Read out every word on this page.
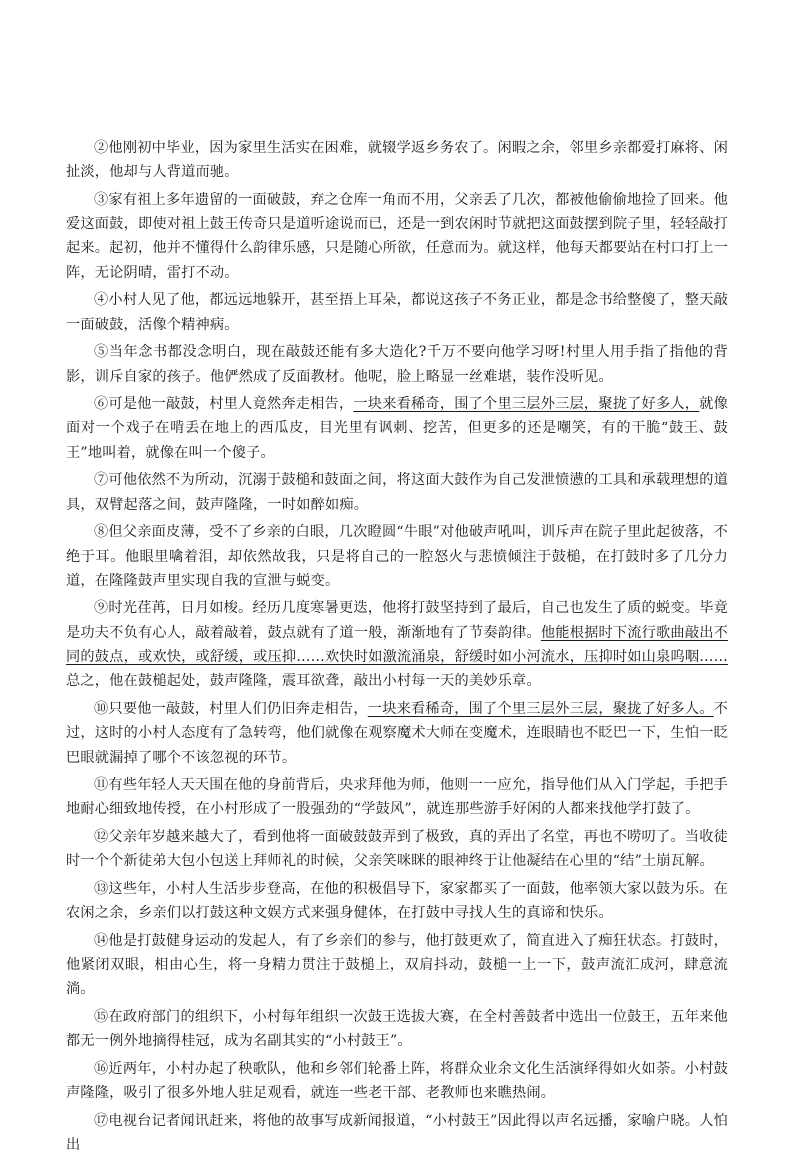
②他刚初中毕业，因为家里生活实在困难，就辍学返乡务农了。闲暇之余，邻里乡亲都爱打麻将、闲扯淡，他却与人背道而驰。

③家有祖上多年遗留的一面破鼓，弃之仓库一角而不用，父亲丢了几次，都被他偷偷地捡了回来。他爱这面鼓，即使对祖上鼓王传奇只是道听途说而已，还是一到农闲时节就把这面鼓摆到院子里，轻轻敲打起来。起初，他并不懂得什么韵律乐感，只是随心所欲，任意而为。就这样，他每天都要站在村口打上一阵，无论阴晴，雷打不动。

④小村人见了他，都远远地躲开，甚至捂上耳朵，都说这孩子不务正业，都是念书给整傻了，整天敲一面破鼓，活像个精神病。

⑤当年念书都没念明白，现在敲鼓还能有多大造化?千万不要向他学习呀!村里人用手指了指他的背影，训斥自家的孩子。他俨然成了反面教材。他呢，脸上略显一丝难堪，装作没听见。

⑥可是他一敲鼓，村里人竟然奔走相告，一块来看稀奇，围了个里三层外三层，聚拢了好多人，就像面对一个戏子在啃丢在地上的西瓜皮，目光里有讽刺、挖苦，但更多的还是嘲笑，有的干脆“鼓王、鼓王”地叫着，就像在叫一个傻子。

⑦可他依然不为所动，沉溺于鼓槌和鼓面之间，将这面大鼓作为自己发泄愤懑的工具和承载理想的道具，双臂起落之间，鼓声隆隆，一时如醉如痴。

⑧但父亲面皮薄，受不了乡亲的白眼，几次瞪圆“牛眼”对他破声吼叫，训斥声在院子里此起彼落，不绝于耳。他眼里噙着泪，却依然故我，只是将自己的一腔怒火与悲愤倾注于鼓槌，在打鼓时多了几分力道，在隆隆鼓声里实现自我的宣泄与蜕变。

⑨时光荏苒，日月如梭。经历几度寒暑更迭，他将打鼓坚持到了最后，自己也发生了质的蜕变。毕竟是功夫不负有心人，敲着敲着，鼓点就有了道一般，渐渐地有了节奏韵律。他能根据时下流行歌曲敲出不同的鼓点，或欢快，或舒缓，或压抑……欢快时如激流涌泉，舒缓时如小河流水，压抑时如山泉呜咽……总之，他在鼓槌起处，鼓声隆隆，震耳欲聋，敲出小村每一天的美妙乐章。

⑩只要他一敲鼓，村里人们仍旧奔走相告，一块来看稀奇，围了个里三层外三层，聚拢了好多人。不过，这时的小村人态度有了急转弯，他们就像在观察魔术大师在变魔术，连眼睛也不眨巴一下，生怕一眨巴眼就漏掉了哪个不该忽视的环节。

⑪有些年轻人天天围在他的身前背后，央求拜他为师，他则一一应允，指导他们从入门学起，手把手地耐心细致地传授，在小村形成了一股强劲的“学鼓风”，就连那些游手好闲的人都来找他学打鼓了。

⑫父亲年岁越来越大了，看到他将一面破鼓鼓弄到了极致，真的弄出了名堂，再也不唠叨了。当收徒时一个个新徒弟大包小包送上拜师礼的时候，父亲笑咪眯的眼神终于让他凝结在心里的“结”土崩瓦解。

⑬这些年，小村人生活步步登高，在他的积极倡导下，家家都买了一面鼓，他率领大家以鼓为乐。在农闲之余，乡亲们以打鼓这种文娱方式来强身健体，在打鼓中寻找人生的真谛和快乐。

⑭他是打鼓健身运动的发起人，有了乡亲们的参与，他打鼓更欢了，简直进入了痴狂状态。打鼓时，他紧闭双眼，相由心生，将一身精力贯注于鼓槌上，双肩抖动，鼓槌一上一下，鼓声流汇成河，肆意流淌。

⑮在政府部门的组织下，小村每年组织一次鼓王选拔大赛，在全村善鼓者中选出一位鼓王，五年来他都无一例外地摘得桂冠，成为名副其实的“小村鼓王”。

⑯近两年，小村办起了秧歌队，他和乡邻们轮番上阵，将群众业余文化生活演绎得如火如荼。小村鼓声隆隆，吸引了很多外地人驻足观看，就连一些老干部、老教师也来瞧热闹。

⑰电视台记者闻讯赶来，将他的故事写成新闻报道，“小村鼓王”因此得以声名远播，家喻户晓。人怕出
